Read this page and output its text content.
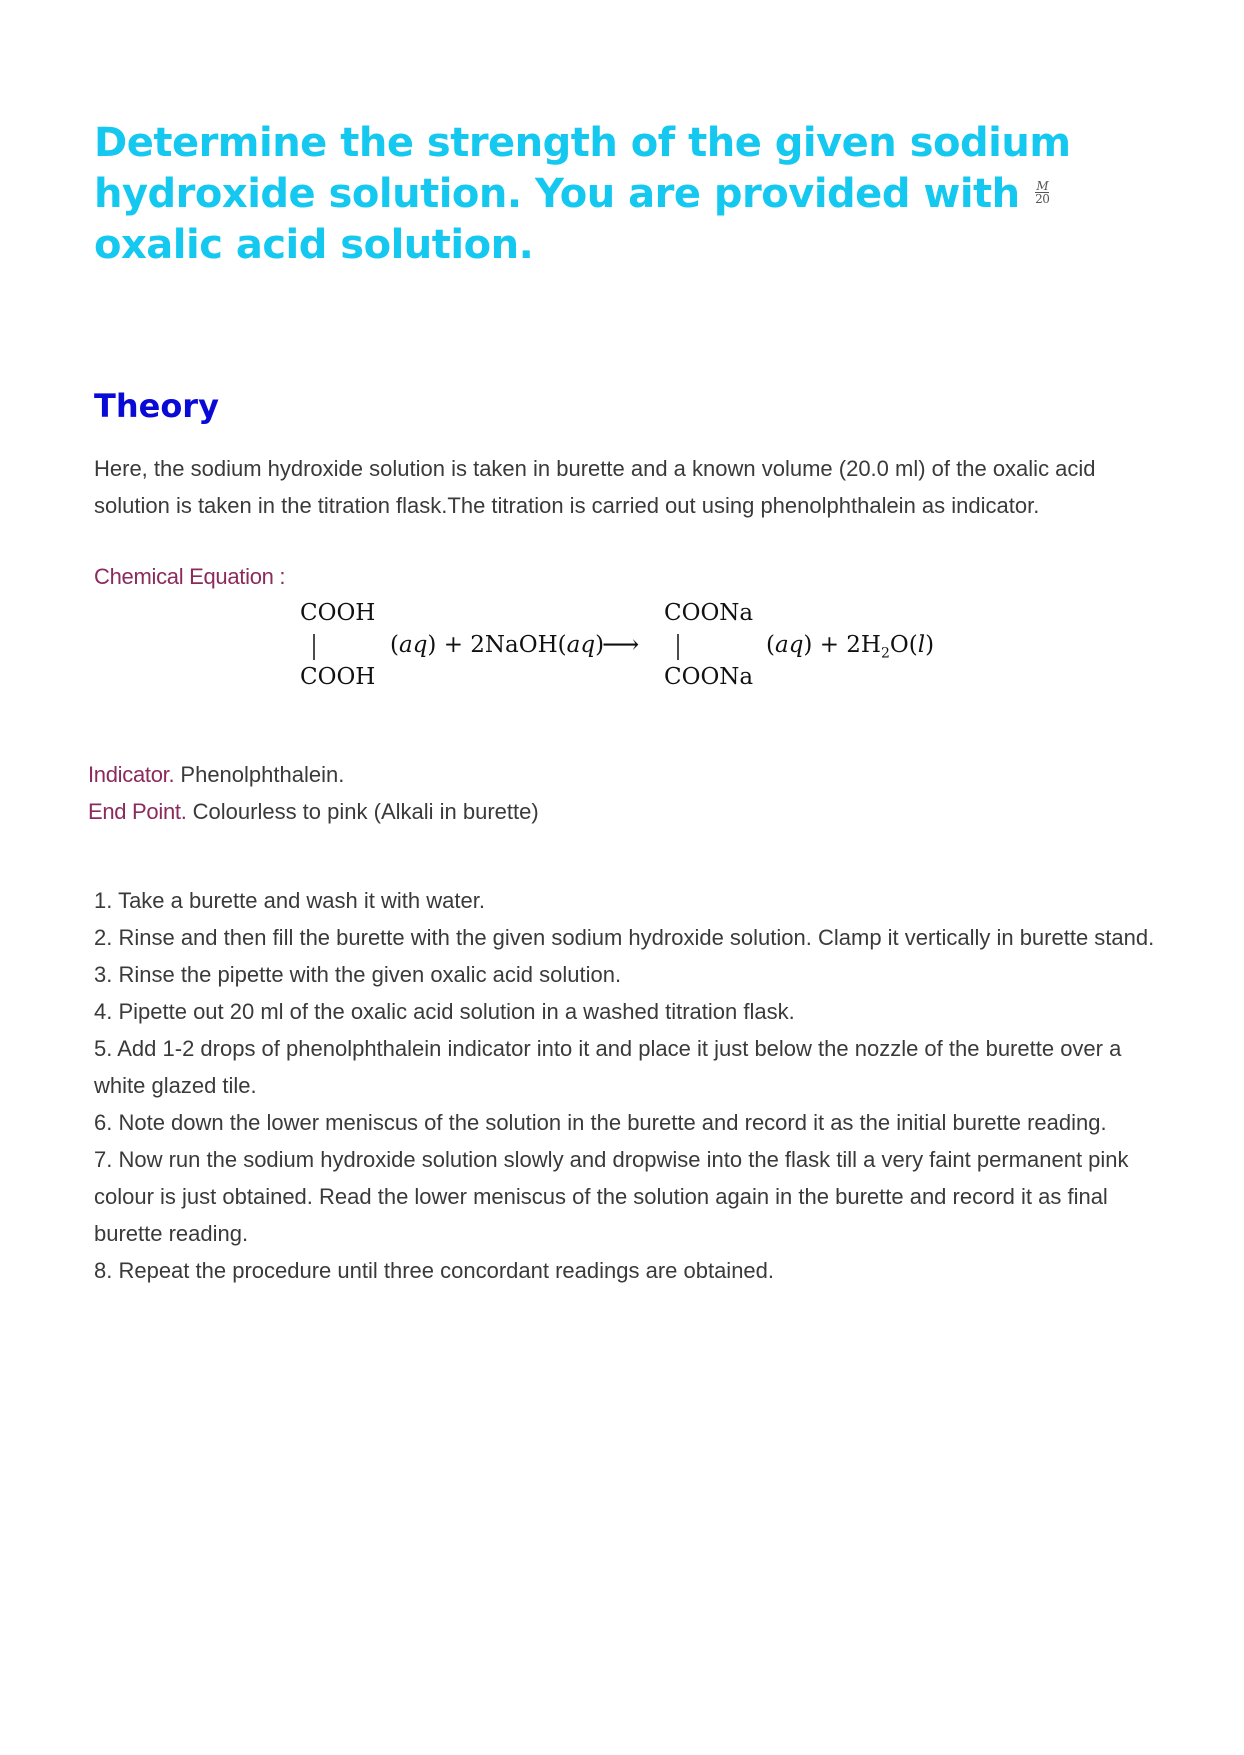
Determine the strength of the given sodium hydroxide solution. You are provided with $\frac{M}{20}$
oxalic acid solution.
Theory

Here, the sodium hydroxide solution is taken in burette and a known volume (20.0 ml) of the oxalic acid solution is taken in the titration flask.The titration is carried out using phenolphthalein as indicator.

Chemical Equation :

COOH
COOH
(aq) + 2NaOH(aq)
⟶
COONa
COONa
$(aq) + 2H_2O(l)$

Indicator. Phenolphthalein.

End Point. Colourless to pink (Alkali in burette)

1. Take a burette and wash it with water.
2. Rinse and then fill the burette with the given sodium hydroxide solution. Clamp it vertically in burette stand.
3. Rinse the pipette with the given oxalic acid solution.
4. Pipette out 20 ml of the oxalic acid solution in a washed titration flask.
5. Add 1-2 drops of phenolphthalein indicator into it and place it just below the nozzle of the burette over a white glazed tile.
6. Note down the lower meniscus of the solution in the burette and record it as the initial burette reading.
7. Now run the sodium hydroxide solution slowly and dropwise into the flask till a very faint permanent pink colour is just obtained. Read the lower meniscus of the solution again in the burette and record it as final burette reading.
8. Repeat the procedure until three concordant readings are obtained.
